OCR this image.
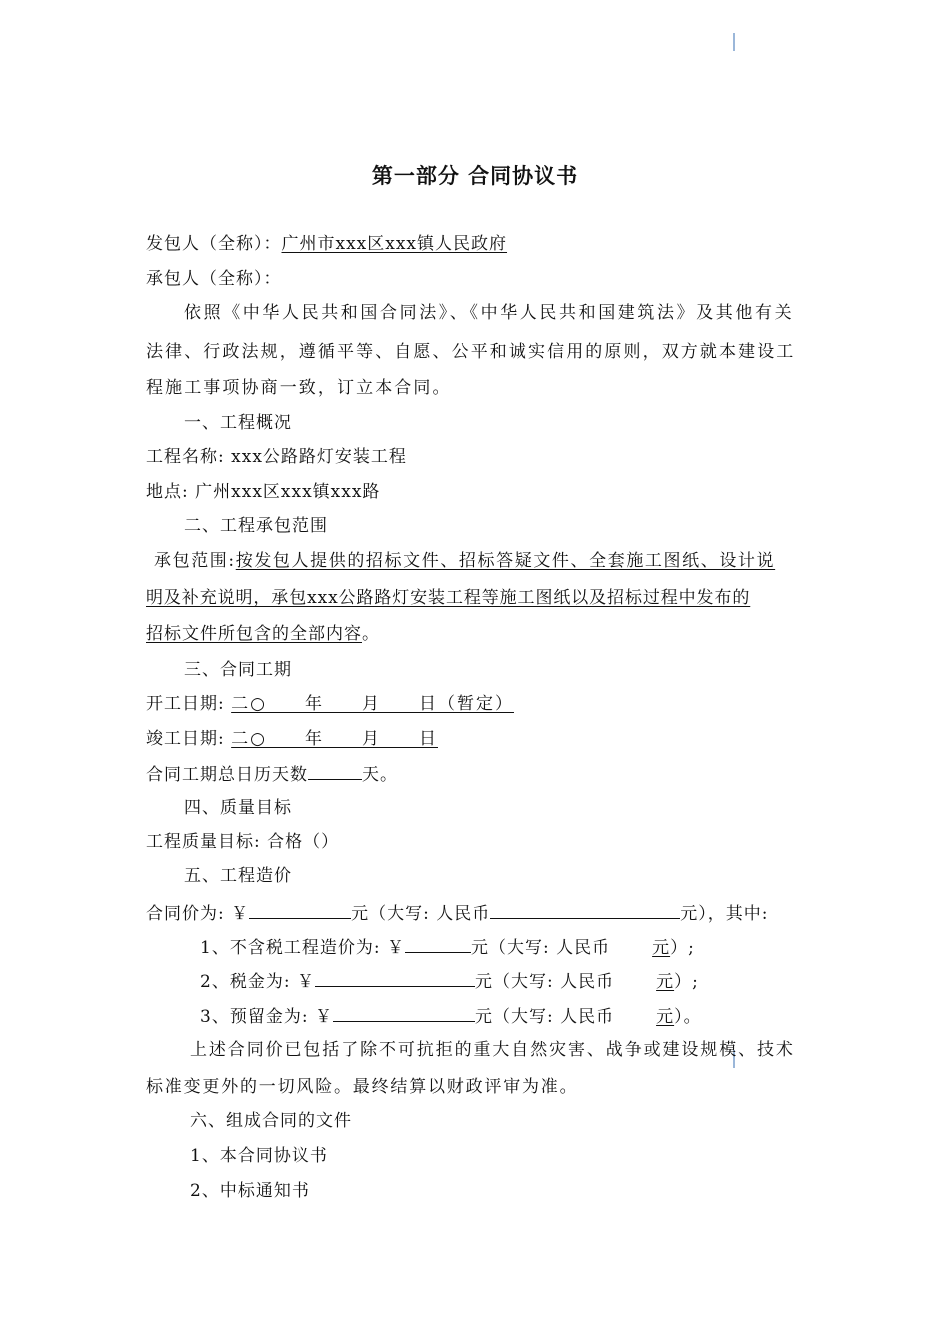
第一部分 合同协议书
发包人（全称）：广州市xxx区xxx镇人民政府
承包人（全称）：
依照《中华人民共和国合同法》、《中华人民共和国建筑法》及其他有关
法律、行政法规，遵循平等、自愿、公平和诚实信用的原则，双方就本建设工
程施工事项协商一致，订立本合同。
一、工程概况
工程名称: xxx公路路灯安装工程
地点: 广州xxx区xxx镇xxx路
二、工程承包范围
承包范围:按发包人提供的招标文件、招标答疑文件、全套施工图纸、设计说
明及补充说明，承包xxx公路路灯安装工程等施工图纸以及招标过程中发布的
招标文件所包含的全部内容。
三、合同工期
开工日期: 二○　　年　　月　　日（暂定）
竣工日期: 二○　　年　　月　　日
合同工期总日历天数	天。
四、质量目标
工程质量目标: 合格（）
五、工程造价
合同价为: ￥	元（大写: 人民币	元），其中:
1、不含税工程造价为: ￥	元（大写: 人民币 元）;
2、税金为: ￥	元（大写: 人民币 元）;
3、预留金为: ￥	元（大写: 人民币 元）。
上述合同价已包括了除不可抗拒的重大自然灾害、战争或建设规模、技术
标准变更外的一切风险。最终结算以财政评审为准。
六、组成合同的文件
1、本合同协议书
2、中标通知书
